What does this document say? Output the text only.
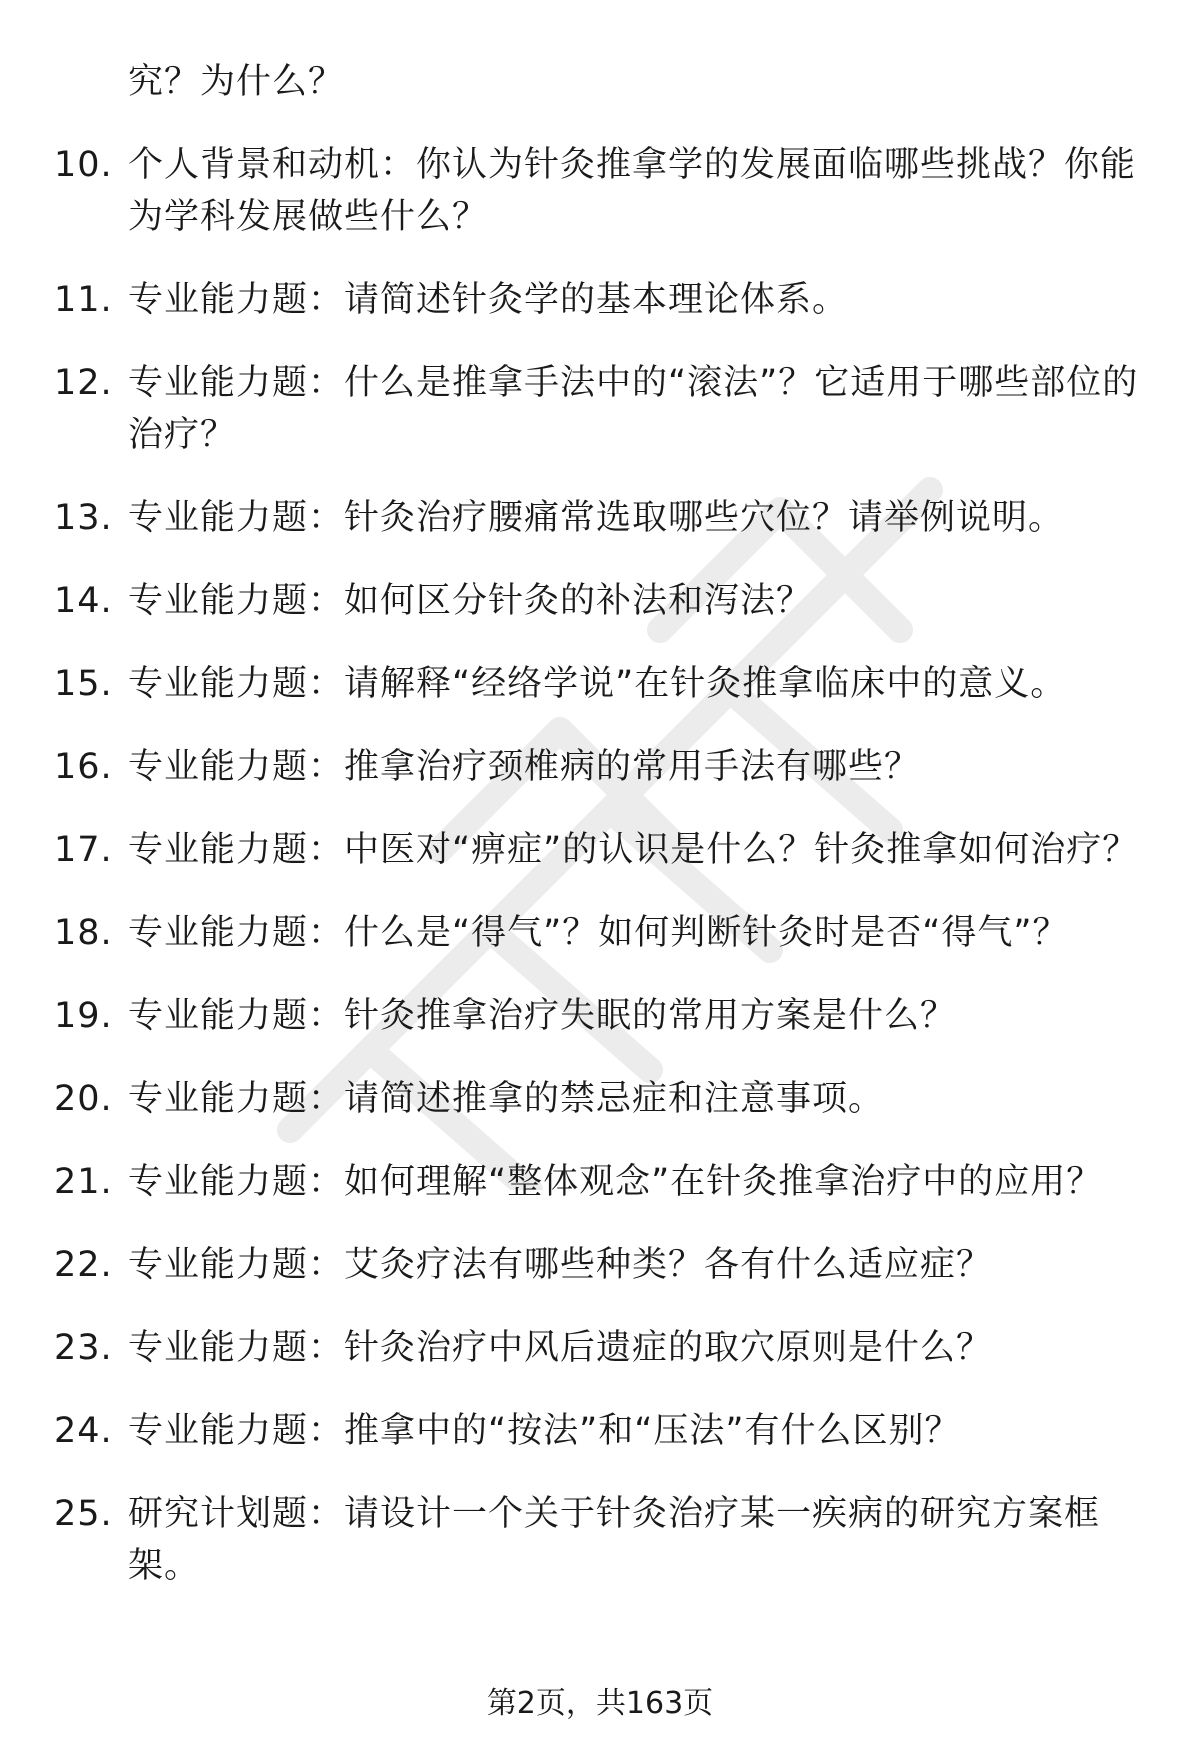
究？为什么？
10. 个人背景和动机：你认为针灸推拿学的发展面临哪些挑战？你能为学科发展做些什么？
11. 专业能力题：请简述针灸学的基本理论体系。
12. 专业能力题：什么是推拿手法中的“滚法”？它适用于哪些部位的治疗？
13. 专业能力题：针灸治疗腰痛常选取哪些穴位？请举例说明。
14. 专业能力题：如何区分针灸的补法和泻法？
15. 专业能力题：请解释“经络学说”在针灸推拿临床中的意义。
16. 专业能力题：推拿治疗颈椎病的常用手法有哪些？
17. 专业能力题：中医对“痹症”的认识是什么？针灸推拿如何治疗？
18. 专业能力题：什么是“得气”？如何判断针灸时是否“得气”？
19. 专业能力题：针灸推拿治疗失眠的常用方案是什么？
20. 专业能力题：请简述推拿的禁忌症和注意事项。
21. 专业能力题：如何理解“整体观念”在针灸推拿治疗中的应用？
22. 专业能力题：艾灸疗法有哪些种类？各有什么适应症？
23. 专业能力题：针灸治疗中风后遗症的取穴原则是什么？
24. 专业能力题：推拿中的“按法”和“压法”有什么区别？
25. 研究计划题：请设计一个关于针灸治疗某一疾病的研究方案框架。
第2页，共163页
